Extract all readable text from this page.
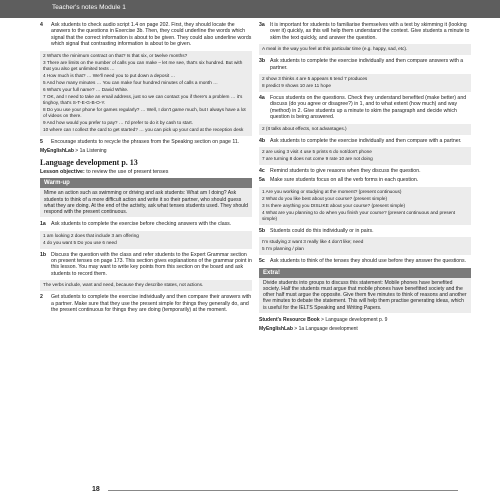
Teacher's notes Module 1
4	Ask students to check audio script 1.4 on page 202. First, they should locate the answers to the questions in Exercise 3b. Then, they could underline the words which signal that the correct information is about to be given. They could also underline words which signal that contrasting information is about to be given.

2 What's the minimum contract on that? Is that six, or twelve months?

3 There are limits on the number of calls you can make – let me see, that's six hundred. But with that you also get unlimited texts …

4 How much is that? … We'll need you to put down a deposit …

5 And how many minutes … You can make four hundred minutes of calls a month …

6 What's your full name? … David White.

7 OK, and I need to take an email address, just so we can contact you if there's a problem … it's tinghoy, that's S-T-E-G-B-O-Y.

8 Do you use your phone for games regularly? … Well, I don't game much, but I always have a lot of videos on there.

9 And how would you prefer to pay? … I'd prefer to do it by cash to start.

10 where can I collect the card to get started? … you can pick up your card at the reception desk

5	Encourage students to recycle the phrases from the Speaking section on page 11.
MyEnglishLab > 1a Listening
Language development p. 13
Lesson objective: to review the use of present tenses
Warm-up
Mime an action such as swimming or driving and ask students: What am I doing? Ask students to think of a more difficult action and write it so their partner, who should guess what they are doing. At the end of the activity, ask what tenses students used. They should respond with the present continuous.
1a	Ask students to complete the exercise before checking answers with the class.

1 am looking 2 does that include 3 am offering

4 do you want 5 Do you use 6 need

1b Discuss the question with the class and refer students to the Expert Grammar section on present tenses on page 173. This section gives explanations of the grammar point in this lesson. You may want to write key points from this section on the board and ask students to record them.

The verbs include, want and need, because they describe states, not actions.

2	Get students to complete the exercise individually and then compare their answers with a partner. Make sure that they use the present simple for things they generally do, and the present continuous for things they are doing (temporarily) at the moment.
3a	It is important for students to familiarise themselves with a text by skimming it (looking over it) quickly, as this will help them understand the context. Give students a minute to skim the text quickly, and answer the question.

A meal in the way you feel at this particular time (e.g. happy, sad, etc).

3b Ask students to complete the exercise individually and then compare answers with a partner.

2 show 3 thinks 4 are 5 appears 6 tend 7 produces

8 predict 9 shows 10 are 11 hope

4a	Focus students on the questions. Check they understand benefited (make better) and discuss (do you agree or disagree?) in 1, and to what extent (how much) and way (method) in 2. Give students up a minute to skim the paragraph and decide which question is being answered.

2 (It talks about effects, not advantages.)

4b Ask students to complete the exercise individually and then compare with a partner.

2 are using 3 visit 4 use 5 prints 6 do not/don't phone

7 are turning 8 does not come 9 rate 10 are not doing

4c	Remind students to give reasons when they discuss the question.
5a	Make sure students focus on all the verb forms in each question.

1 Are you working or studying at the moment? (present continuous)

2 What do you like best about your course? (present simple)

3 Is there anything you DISLIKE about your course? (present simple)

4 What are you planning to do when you finish your course? (present continuous and present simple)

5b Students could do this individually or in pairs.

I'm studying 2 want 3 really like 4 don't like; need

5 I'm planning / plan

5c	Ask students to think of the tenses they should use before they answer the questions.
Extra!
Divide students into groups to discuss this statement: Mobile phones have benefited society. Half the students must argue that mobile phones have benefitted society and the other half must argue the opposite. Give them five minutes to think of reasons and another five minutes to debate the statement. This will help them practise generating ideas, which is useful for the IELTS Speaking and Writing Papers.
Student's Resource Book > Language development p. 9
MyEnglishLab > 1a Language development
18
